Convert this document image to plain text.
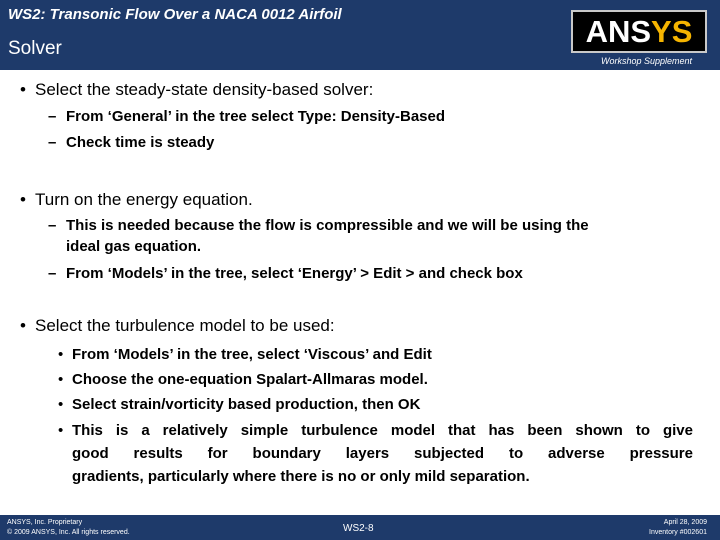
WS2: Transonic Flow Over a NACA 0012 Airfoil
Solver	ANSYS
Workshop Supplement
• Select the steady-state density-based solver:
– From ‘General’ in the tree select Type: Density-Based
– Check time is steady
• Turn on the energy equation.
– This is needed because the flow is compressible and we will be using the
ideal gas equation.
– From ‘Models’ in the tree, select ‘Energy’ > Edit > and check box
• Select the turbulence model to be used:
• From ‘Models’ in the tree, select ‘Viscous’ and Edit
• Choose the one-equation Spalart-Allmaras model.
• Select strain/vorticity based production, then OK
• This is a relatively simple turbulence model that has been shown to give
good results for boundary layers subjected to adverse pressure
gradients, particularly where there is no or only mild separation.
ANSYS, Inc. Proprietary
© 2009 ANSYS, Inc. All rights reserved.	WS2-8
April 28, 2009
Inventory #002601
